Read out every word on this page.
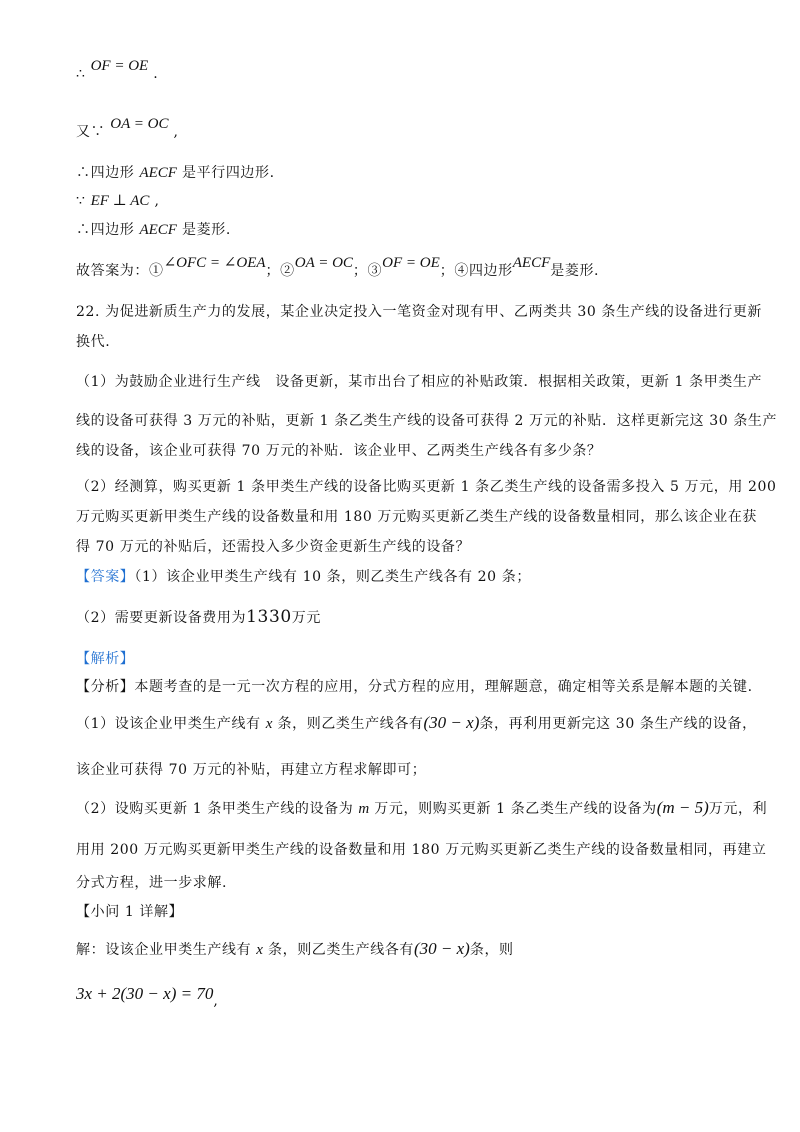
∴ OF = OE .
又∵ OA = OC ,
∴四边形 AECF 是平行四边形.
∵ EF ⊥ AC ,
∴四边形 AECF 是菱形.
故答案为：①∠OFC = ∠OEA；②OA = OC；③OF = OE；④四边形AECF是菱形.
22. 为促进新质生产力的发展，某企业决定投入一笔资金对现有甲、乙两类共 30 条生产线的设备进行更新
换代.
（1）为鼓励企业进行生产线　设备更新，某市出台了相应的补贴政策．根据相关政策，更新 1 条甲类生产
线的设备可获得 3 万元的补贴，更新 1 条乙类生产线的设备可获得 2 万元的补贴．这样更新完这 30 条生产
线的设备，该企业可获得 70 万元的补贴．该企业甲、乙两类生产线各有多少条？
（2）经测算，购买更新 1 条甲类生产线的设备比购买更新 1 条乙类生产线的设备需多投入 5 万元，用 200
万元购买更新甲类生产线的设备数量和用 180 万元购买更新乙类生产线的设备数量相同，那么该企业在获
得 70 万元的补贴后，还需投入多少资金更新生产线的设备？
【答案】（1）该企业甲类生产线有 10 条，则乙类生产线各有 20 条；
（2）需要更新设备费用为1330万元
【解析】
【分析】本题考查的是一元一次方程的应用，分式方程的应用，理解题意，确定相等关系是解本题的关键.
（1）设该企业甲类生产线有 x 条，则乙类生产线各有(30 − x)条，再利用更新完这 30 条生产线的设备，
该企业可获得 70 万元的补贴，再建立方程求解即可；
（2）设购买更新 1 条甲类生产线的设备为 m 万元，则购买更新 1 条乙类生产线的设备为(m − 5)万元，利
用用 200 万元购买更新甲类生产线的设备数量和用 180 万元购买更新乙类生产线的设备数量相同，再建立
分式方程，进一步求解.
【小问 1 详解】
解：设该企业甲类生产线有 x 条，则乙类生产线各有(30 − x)条，则
3x + 2(30 − x) = 70,
